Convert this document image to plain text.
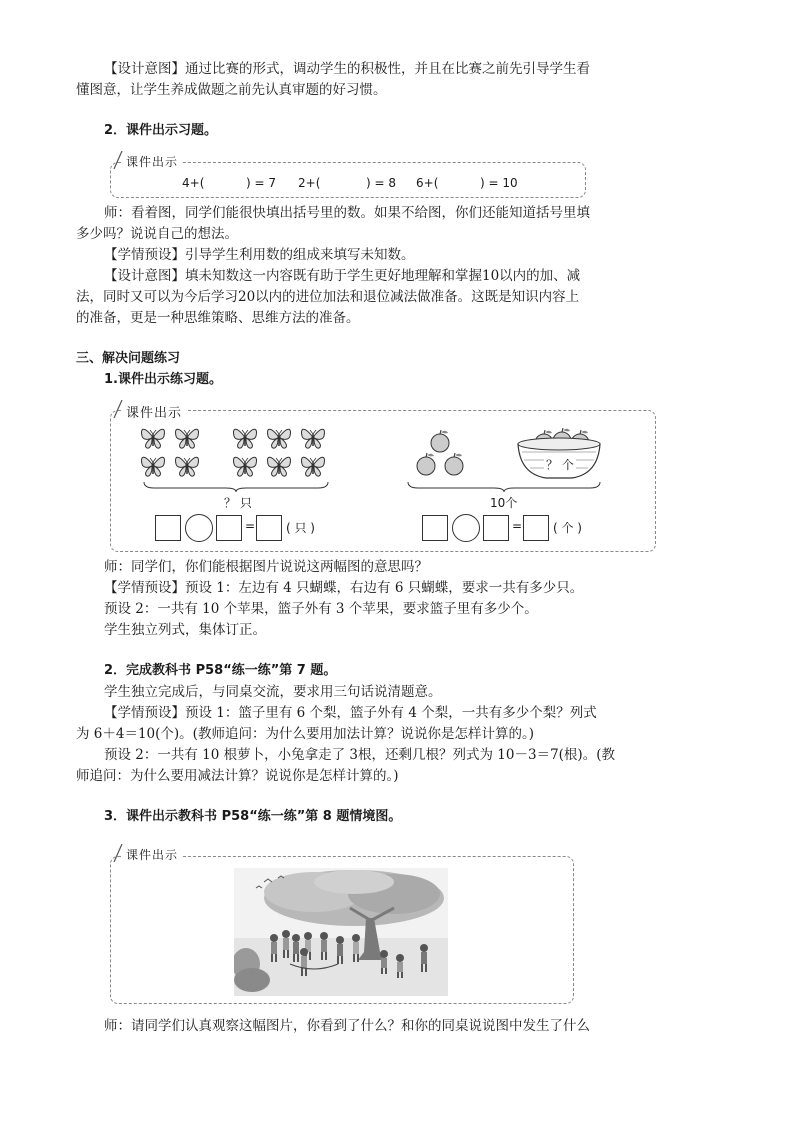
【设计意图】通过比赛的形式，调动学生的积极性，并且在比赛之前先引导学生看
懂图意，让学生养成做题之前先认真审题的好习惯。
2．课件出示习题。
课件出示
4+(	) = 7 2+(	) = 8 6+(	) = 10
师：看着图，同学们能很快填出括号里的数。如果不给图，你们还能知道括号里填
多少吗？说说自己的想法。
【学情预设】引导学生利用数的组成来填写未知数。
【设计意图】填未知数这一内容既有助于学生更好地理解和掌握10以内的加、减
法，同时又可以为今后学习20以内的进位加法和退位减法做准备。这既是知识内容上
的准备，更是一种思维策略、思维方法的准备。
三、解决问题练习
1.课件出示练习题。
课件出示
？ 只
=	( 只 )
？ 个
10个
=	( 个 )
师：同学们，你们能根据图片说说这两幅图的意思吗？
【学情预设】预设 1：左边有 4 只蝴蝶，右边有 6 只蝴蝶，要求一共有多少只。
预设 2：一共有 10 个苹果，篮子外有 3 个苹果，要求篮子里有多少个。
学生独立列式，集体订正。
2．完成教科书 P58“练一练”第 7 题。
学生独立完成后，与同桌交流，要求用三句话说清题意。
【学情预设】预设 1：篮子里有 6 个梨，篮子外有 4 个梨，一共有多少个梨？列式
为 6＋4＝10(个)。(教师追问：为什么要用加法计算？说说你是怎样计算的。)
预设 2：一共有 10 根萝卜，小兔拿走了 3根，还剩几根？列式为 10－3＝7(根)。(教
师追问：为什么要用减法计算？说说你是怎样计算的。)
3．课件出示教科书 P58“练一练”第 8 题情境图。
课件出示
师：请同学们认真观察这幅图片，你看到了什么？和你的同桌说说图中发生了什么
